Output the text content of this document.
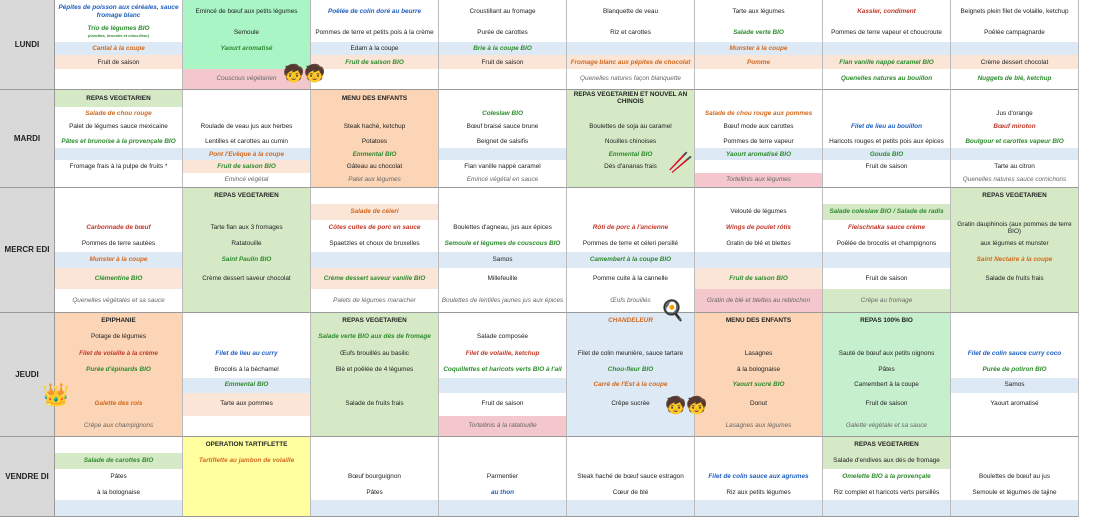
LUNDI
Pépites de poisson aux céréales, sauce fromage blanc
Trio de légumes BIO
(carottes, brocolis et chou-fleur)
Cantal à la coupe
Fruit de saison
Emincé de bœuf aux petits légumes
Semoule
Yaourt aromatisé
Couscous végétarien
Poêlée de colin doré au beurre
Pommes de terre et petits pois à la crème
Edam à la coupe
Fruit de saison BIO
Croustillant au fromage
Purée de carottes
Brie à la coupe BIO
Fruit de saison
Blanquette de veau
Riz et carottes
Fromage blanc aux pépites de chocolat
Quenelles natures façon blanquette
Tarte aux légumes
Salade verte BIO
Munster à la coupe
Pomme
Kassler, condiment
Pommes de terre vapeur et choucroute
Flan vanille nappé caramel BIO
Quenelles natures au bouillon
Beignets plein filet de volaille, ketchup
Poêlée campagnarde
Crème dessert chocolat
Nuggets de blé, ketchup
MARDI
REPAS VEGETARIEN
Salade de chou rouge
Palet de légumes sauce mexicaine
Pâtes et brunoise à la provençale BIO
Fromage frais à la pulpe de fruits *
Roulade de veau jus aux herbes
Lentilles et carottes au cumin
Pont l'Evêque à la coupe
Fruit de saison BIO
Emincé végétal
MENU DES ENFANTS
Steak haché, ketchup
Potatoes
Emmental BIO
Gâteau au chocolat
Palet aux légumes
Coleslaw BIO
Bœuf braisé sauce brune
Beignet de salsifis
Flan vanille nappé caramel
Emincé végétal en sauce
REPAS VEGETARIEN ET NOUVEL AN CHINOIS
Boulettes de soja au caramel
Nouilles chinoises
Emmental BIO
Dés d'ananas frais
Salade de chou rouge aux pommes
Bœuf mode aux carottes
Pommes de terre vapeur
Yaourt aromatisé BIO
Tortellinis aux légumes
Filet de lieu au bouillon
Haricots rouges et petits pois aux épices
Gouda BIO
Fruit de saison
Jus d'orange
Bœuf miroton
Boulgour et carottes vapeur BIO
Tarte au citron
Quenelles natures sauce cornichons
MERCR EDI
Carbonnade de bœuf
Pommes de terre sautées
Munster à la coupe
Clémentine BIO
Quenelles végétales et sa sauce
REPAS VEGETARIEN
Tarte flan aux 3 fromages
Ratatouille
Saint Paulin BIO
Crème dessert saveur chocolat
Salade de céleri
Côtes cuites de porc en sauce
Spaetzles et choux de bruxelles
Crème dessert saveur vanille BIO
Palets de légumes maraicher
Boulettes d'agneau, jus aux épices
Semoule et légumes de couscous BIO
Samos
Millefeuille
Boulettes de lentilles jaunes jus aux épices
Rôti de porc à l'ancienne
Pommes de terre et céleri persillé
Camembert à la coupe BIO
Pomme cuite à la cannelle
Œufs brouillés
Velouté de légumes
Wings de poulet rôtis
Gratin de blé et blettes
Fruit de saison BIO
Gratin de blé et blettes au reblochon
Salade coleslaw BIO / Salade de radis
Fleischnaka sauce crème
Poêlée de brocolis et champignons
Fruit de saison
Crêpe au fromage
REPAS VEGETARIEN
Gratin dauphinois (aux pommes de terre BIO)
aux légumes et munster
Saint Nectaire à la coupe
Salade de fruits frais
JEUDI
EPIPHANIE
Potage de légumes
Filet de volaille à la crème
Purée d'épinards BIO
Galette des rois
Crêpe aux champignons
Filet de lieu au curry
Brocolis à la béchamel
Emmental BIO
Tarte aux pommes
REPAS VEGETARIEN
Salade verte BIO aux dés de fromage
Œufs brouillés au basilic
Blé et poêlée de 4 légumes
Salade de fruits frais
Salade composée
Filet de volaille, ketchup
Coquillettes et haricots verts BIO à l'ail
Fruit de saison
Tortellinis à la ratatouille
CHANDELEUR
Filet de colin meunière, sauce tartare
Chou-fleur BIO
Carré de l'Est à la coupe
Crêpe sucrée
MENU DES ENFANTS
Lasagnes
à la bolognaise
Yaourt sucré BIO
Donut
Lasagnes aux légumes
REPAS 100% BIO
Sauté de bœuf aux petits oignons
Pâtes
Camembert à la coupe
Fruit de saison
Galette végétale et sa sauce
Filet de colin sauce curry coco
Purée de potiron BIO
Samos
Yaourt aromatisé
VENDRE DI
Salade de carottes BIO
Pâtes
à la bolognaise
OPERATION TARTIFLETTE
Tartiflette au jambon de volaille
Bœuf bourguignon
Pâtes
Parmentier
au thon
Steak haché de bœuf sauce estragon
Cœur de blé
Filet de colin sauce aux agrumes
Riz aux petits légumes
REPAS VEGETARIEN
Salade d'endives aux dés de fromage
Omelette BIO à la provençale
Riz complet et haricots verts persillés
Boulettes de bœuf au jus
Semoule et légumes de tajine
🧒🧒
🥢
🍳
👑	🧒🧒
